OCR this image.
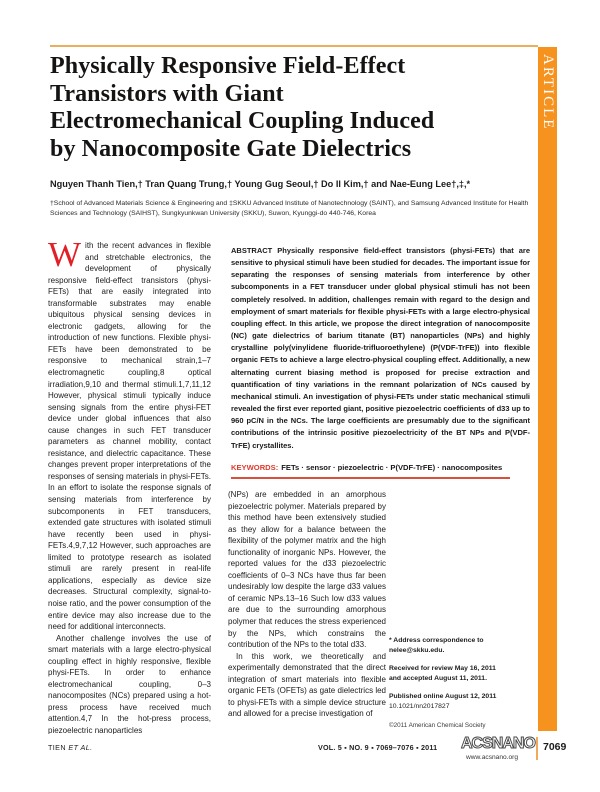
ARTICLE
Physically Responsive Field-Effect
Transistors with Giant
Electromechanical Coupling Induced
by Nanocomposite Gate Dielectrics
Nguyen Thanh Tien,† Tran Quang Trung,† Young Gug Seoul,† Do Il Kim,† and Nae-Eung Lee†,‡,*
†School of Advanced Materials Science & Engineering and ‡SKKU Advanced Institute of Nanotechnology (SAINT), and Samsung Advanced Institute for Health Sciences and Technology (SAIHST), Sungkyunkwan University (SKKU), Suwon, Kyunggi-do 440-746, Korea

With the recent advances in flexible and stretchable electronics, the development of physically responsive field-effect transistors (physi-FETs) that are easily integrated into transformable substrates may enable ubiquitous physical sensing devices in electronic gadgets, allowing for the introduction of new functions. Flexible physi-FETs have been demonstrated to be responsive to mechanical strain,1–7 electromagnetic coupling,8 optical irradiation,9,10 and thermal stimuli.1,7,11,12 However, physical stimuli typically induce sensing signals from the entire physi-FET device under global influences that also cause changes in such FET transducer parameters as channel mobility, contact resistance, and dielectric capacitance. These changes prevent proper interpretations of the responses of sensing materials in physi-FETs. In an effort to isolate the response signals of sensing materials from interference by subcomponents in FET transducers, extended gate structures with isolated stimuli have recently been used in physi-FETs.4,9,7,12 However, such approaches are limited to prototype research as isolated stimuli are rarely present in real-life applications, especially as device size decreases. Structural complexity, signal-to-noise ratio, and the power consumption of the entire device may also increase due to the need for additional interconnects.

Another challenge involves the use of smart materials with a large electro-physical coupling effect in highly responsive, flexible physi-FETs. In order to enhance electromechanical coupling, 0–3 nanocomposites (NCs) prepared using a hot-press process have received much attention.4,7 In the hot-press process, piezoelectric nanoparticles

ABSTRACT Physically responsive field-effect transistors (physi-FETs) that are sensitive to physical stimuli have been studied for decades. The important issue for separating the responses of sensing materials from interference by other subcomponents in a FET transducer under global physical stimuli has not been completely resolved. In addition, challenges remain with regard to the design and employment of smart materials for flexible physi-FETs with a large electro-physical coupling effect. In this article, we propose the direct integration of nanocomposite (NC) gate dielectrics of barium titanate (BT) nanoparticles (NPs) and highly crystalline poly(vinylidene fluoride-trifluoroethylene) (P(VDF-TrFE)) into flexible organic FETs to achieve a large electro-physical coupling effect. Additionally, a new alternating current biasing method is proposed for precise extraction and quantification of tiny variations in the remnant polarization of NCs caused by mechanical stimuli. An investigation of physi-FETs under static mechanical stimuli revealed the first ever reported giant, positive piezoelectric coefficients of d33 up to 960 pC/N in the NCs. The large coefficients are presumably due to the significant contributions of the intrinsic positive piezoelectricity of the BT NPs and P(VDF-TrFE) crystallites.
KEYWORDS: FETs · sensor · piezoelectric · P(VDF-TrFE) · nanocomposites

(NPs) are embedded in an amorphous piezoelectric polymer. Materials prepared by this method have been extensively studied as they allow for a balance between the flexibility of the polymer matrix and the high functionality of inorganic NPs. However, the reported values for the d33 piezoelectric coefficients of 0–3 NCs have thus far been undesirably low despite the large d33 values of ceramic NPs.13–16 Such low d33 values are due to the surrounding amorphous polymer that reduces the stress experienced by the NPs, which constrains the contribution of the NPs to the total d33.

In this work, we theoretically and experimentally demonstrated that the direct integration of smart materials into flexible organic FETs (OFETs) as gate dielectrics led to physi-FETs with a simple device structure and allowed for a precise investigation of

* Address correspondence to
nelee@skku.edu.
Received for review May 16, 2011
and accepted August 11, 2011.
Published online August 12, 2011
10.1021/nn2017827
©2011 American Chemical Society
TIEN ET AL.	VOL. 5 ▪ NO. 9 ▪ 7069–7076 ▪ 2011 ACSNANO
www.acsnano.org
7069
